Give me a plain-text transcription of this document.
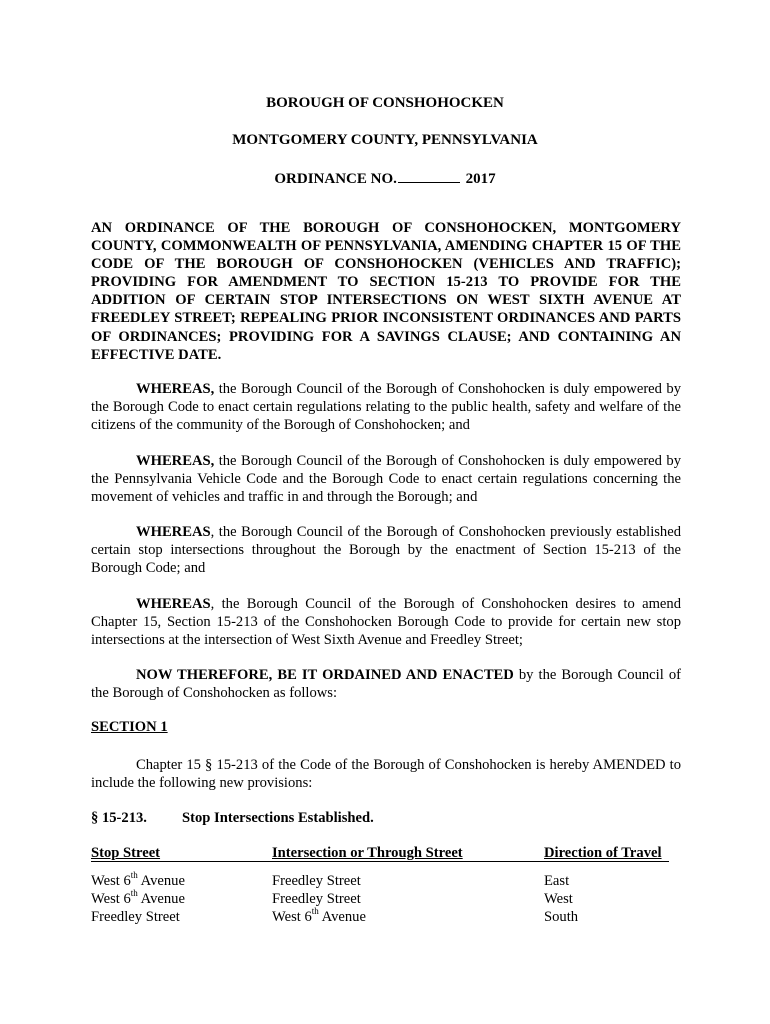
BOROUGH OF CONSHOHOCKEN
MONTGOMERY COUNTY, PENNSYLVANIA
ORDINANCE NO.	2017
AN ORDINANCE OF THE BOROUGH OF CONSHOHOCKEN, MONTGOMERY COUNTY, COMMONWEALTH OF PENNSYLVANIA, AMENDING CHAPTER 15 OF THE CODE OF THE BOROUGH OF CONSHOHOCKEN (VEHICLES AND TRAFFIC); PROVIDING FOR AMENDMENT TO SECTION 15-213 TO PROVIDE FOR THE ADDITION OF CERTAIN STOP INTERSECTIONS ON WEST SIXTH AVENUE AT FREEDLEY STREET; REPEALING PRIOR INCONSISTENT ORDINANCES AND PARTS OF ORDINANCES; PROVIDING FOR A SAVINGS CLAUSE; AND CONTAINING AN EFFECTIVE DATE.

WHEREAS, the Borough Council of the Borough of Conshohocken is duly empowered by the Borough Code to enact certain regulations relating to the public health, safety and welfare of the citizens of the community of the Borough of Conshohocken; and

WHEREAS, the Borough Council of the Borough of Conshohocken is duly empowered by the Pennsylvania Vehicle Code and the Borough Code to enact certain regulations concerning the movement of vehicles and traffic in and through the Borough; and

WHEREAS, the Borough Council of the Borough of Conshohocken previously established certain stop intersections throughout the Borough by the enactment of Section 15-213 of the Borough Code; and

WHEREAS, the Borough Council of the Borough of Conshohocken desires to amend Chapter 15, Section 15-213 of the Conshohocken Borough Code to provide for certain new stop intersections at the intersection of West Sixth Avenue and Freedley Street;

NOW THEREFORE, BE IT ORDAINED AND ENACTED by the Borough Council of the Borough of Conshohocken as follows:

SECTION 1

Chapter 15 § 15-213 of the Code of the Borough of Conshohocken is hereby AMENDED to include the following new provisions:

§ 15-213. Stop Intersections Established.
Stop Street	Intersection or Through Street	Direction of Travel
West 6th Avenue	Freedley Street	East
West 6th Avenue	Freedley Street	West
Freedley Street	West 6th Avenue	South
